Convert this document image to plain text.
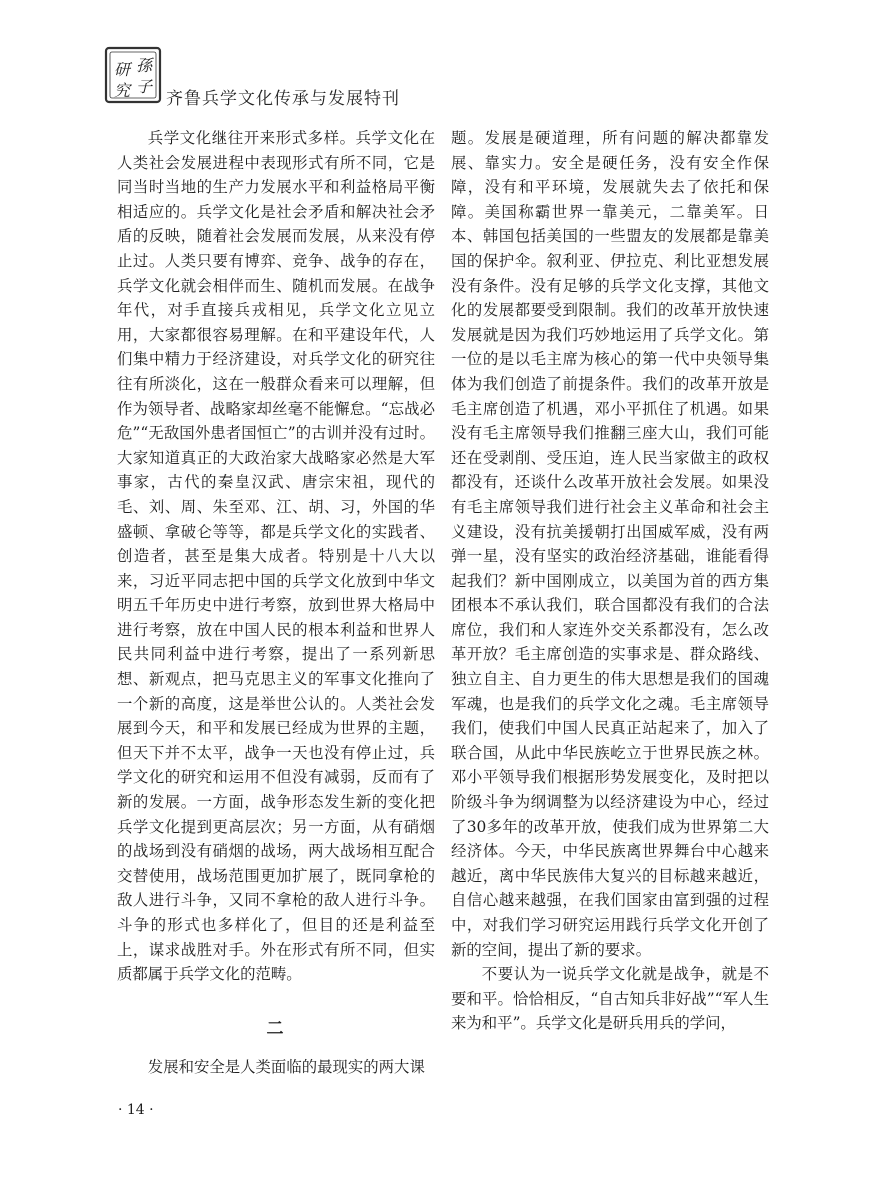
孫
子
研
究 齐鲁兵学文化传承与发展特刊

兵学文化继往开来形式多样。兵学文化在人类社会发展进程中表现形式有所不同，它是同当时当地的生产力发展水平和利益格局平衡相适应的。兵学文化是社会矛盾和解决社会矛盾的反映，随着社会发展而发展，从来没有停止过。人类只要有博弈、竞争、战争的存在，兵学文化就会相伴而生、随机而发展。在战争年代，对手直接兵戎相见，兵学文化立见立用，大家都很容易理解。在和平建设年代，人们集中精力于经济建设，对兵学文化的研究往往有所淡化，这在一般群众看来可以理解，但作为领导者、战略家却丝毫不能懈怠。“忘战必危”“无敌国外患者国恒亡”的古训并没有过时。大家知道真正的大政治家大战略家必然是大军事家，古代的秦皇汉武、唐宗宋祖，现代的毛、刘、周、朱至邓、江、胡、习，外国的华盛顿、拿破仑等等，都是兵学文化的实践者、创造者，甚至是集大成者。特别是十八大以来，习近平同志把中国的兵学文化放到中华文明五千年历史中进行考察，放到世界大格局中进行考察，放在中国人民的根本利益和世界人民共同利益中进行考察，提出了一系列新思想、新观点，把马克思主义的军事文化推向了一个新的高度，这是举世公认的。人类社会发展到今天，和平和发展已经成为世界的主题，但天下并不太平，战争一天也没有停止过，兵学文化的研究和运用不但没有减弱，反而有了新的发展。一方面，战争形态发生新的变化把兵学文化提到更高层次；另一方面，从有硝烟的战场到没有硝烟的战场，两大战场相互配合交替使用，战场范围更加扩展了，既同拿枪的敌人进行斗争，又同不拿枪的敌人进行斗争。斗争的形式也多样化了，但目的还是利益至上，谋求战胜对手。外在形式有所不同，但实质都属于兵学文化的范畴。

二

发展和安全是人类面临的最现实的两大课

题。发展是硬道理，所有问题的解决都靠发展、靠实力。安全是硬任务，没有安全作保障，没有和平环境，发展就失去了依托和保障。美国称霸世界一靠美元，二靠美军。日本、韩国包括美国的一些盟友的发展都是靠美国的保护伞。叙利亚、伊拉克、利比亚想发展没有条件。没有足够的兵学文化支撑，其他文化的发展都要受到限制。我们的改革开放快速发展就是因为我们巧妙地运用了兵学文化。第一位的是以毛主席为核心的第一代中央领导集体为我们创造了前提条件。我们的改革开放是毛主席创造了机遇，邓小平抓住了机遇。如果没有毛主席领导我们推翻三座大山，我们可能还在受剥削、受压迫，连人民当家做主的政权都没有，还谈什么改革开放社会发展。如果没有毛主席领导我们进行社会主义革命和社会主义建设，没有抗美援朝打出国威军威，没有两弹一星，没有坚实的政治经济基础，谁能看得起我们？新中国刚成立，以美国为首的西方集团根本不承认我们，联合国都没有我们的合法席位，我们和人家连外交关系都没有，怎么改革开放？毛主席创造的实事求是、群众路线、独立自主、自力更生的伟大思想是我们的国魂军魂，也是我们的兵学文化之魂。毛主席领导我们，使我们中国人民真正站起来了，加入了联合国，从此中华民族屹立于世界民族之林。邓小平领导我们根据形势发展变化，及时把以阶级斗争为纲调整为以经济建设为中心，经过了30多年的改革开放，使我们成为世界第二大经济体。今天，中华民族离世界舞台中心越来越近，离中华民族伟大复兴的目标越来越近，自信心越来越强，在我们国家由富到强的过程中，对我们学习研究运用践行兵学文化开创了新的空间，提出了新的要求。

不要认为一说兵学文化就是战争，就是不要和平。恰恰相反，“自古知兵非好战”“军人生来为和平”。兵学文化是研兵用兵的学问，

· 14 ·
